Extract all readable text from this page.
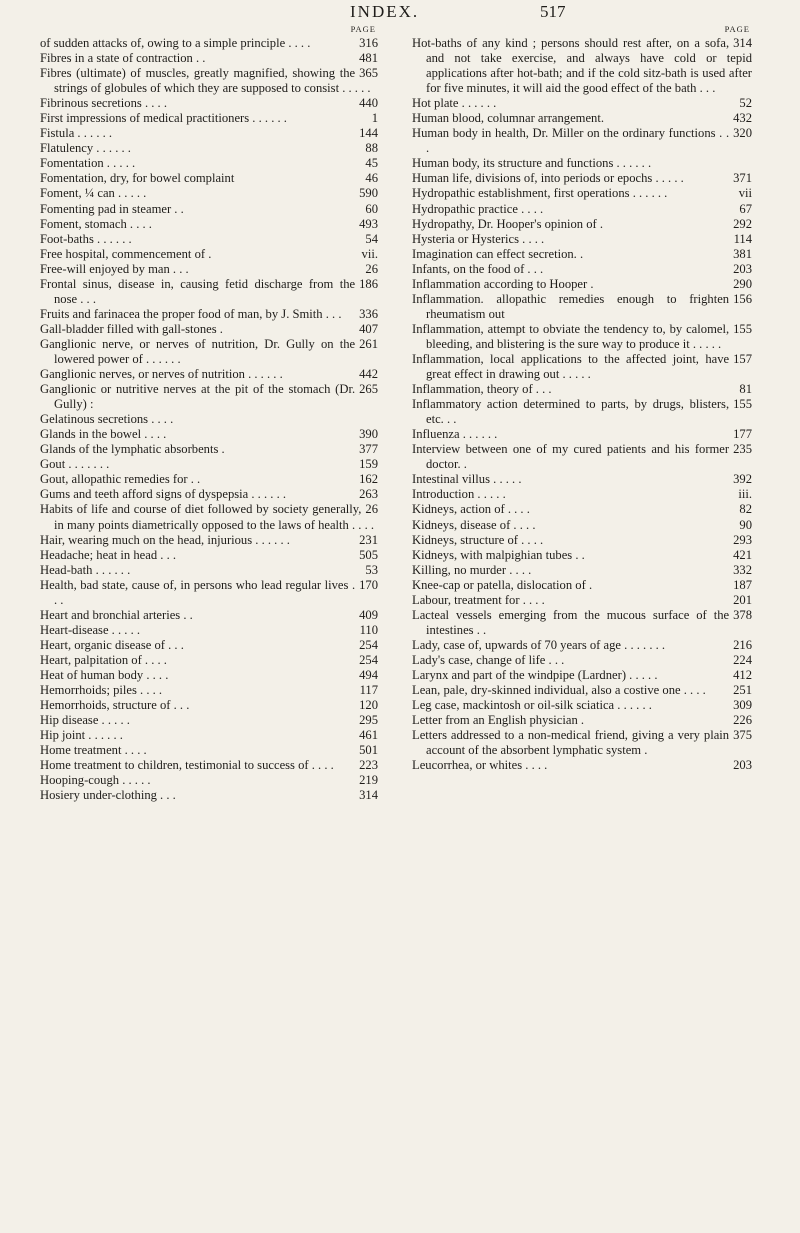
INDEX.	517
PAGE
316
of sudden attacks of, owing to a simple principle . . . .
481
Fibres in a state of contraction . .
365
Fibres (ultimate) of muscles, greatly magnified, showing the strings of globules of which they are supposed to consist . . . . .
440
Fibrinous secretions . . . .
1
First impressions of medical practitioners . . . . . .
144
Fistula . . . . . .
88
Flatulency . . . . . .
45
Fomentation . . . . .
46
Fomentation, dry, for bowel complaint
590
Foment, ¼ can . . . . .
60
Fomenting pad in steamer . .
493
Foment, stomach . . . .
54
Foot-baths . . . . . .
vii.
Free hospital, commencement of .
26
Free-will enjoyed by man . . .
186
Frontal sinus, disease in, causing fetid discharge from the nose . . .
336
Fruits and farinacea the proper food of man, by J. Smith . . .
407
Gall-bladder filled with gall-stones .
261
Ganglionic nerve, or nerves of nutrition, Dr. Gully on the lowered power of . . . . . .
442
Ganglionic nerves, or nerves of nutrition . . . . . .
265
Ganglionic or nutritive nerves at the pit of the stomach (Dr. Gully) :
Gelatinous secretions . . . .
390
Glands in the bowel . . . .
377
Glands of the lymphatic absorbents .
159
Gout . . . . . . .
162
Gout, allopathic remedies for . .
263
Gums and teeth afford signs of dyspepsia . . . . . .
26
Habits of life and course of diet followed by society generally, in many points diametrically opposed to the laws of health . . . .
231
Hair, wearing much on the head, injurious . . . . . .
505
Headache; heat in head . . .
53
Head-bath . . . . . .
170
Health, bad state, cause of, in persons who lead regular lives . . .
409
Heart and bronchial arteries . .
110
Heart-disease . . . . .
254
Heart, organic disease of . . .
254
Heart, palpitation of . . . .
494
Heat of human body . . . .
117
Hemorrhoids; piles . . . .
120
Hemorrhoids, structure of . . .
295
Hip disease . . . . .
461
Hip joint . . . . . .
501
Home treatment . . . .
223
Home treatment to children, testimonial to success of . . . .
219
Hooping-cough . . . . .
314
Hosiery under-clothing . . .
PAGE
314
Hot-baths of any kind ; persons should rest after, on a sofa, and not take exercise, and always have cold or tepid applications after hot-bath; and if the cold sitz-bath is used after for five minutes, it will aid the good effect of the bath . . .
52
Hot plate . . . . . .
432
Human blood, columnar arrangement.
320
Human body in health, Dr. Miller on the ordinary functions . . .
Human body, its structure and functions . . . . . .
371
Human life, divisions of, into periods or epochs . . . . .
vii
Hydropathic establishment, first operations . . . . . .
67
Hydropathic practice . . . .
292
Hydropathy, Dr. Hooper's opinion of .
114
Hysteria or Hysterics . . . .
381
Imagination can effect secretion. .
203
Infants, on the food of . . .
290
Inflammation according to Hooper .
156
Inflammation. allopathic remedies enough to frighten rheumatism out
155
Inflammation, attempt to obviate the tendency to, by calomel, bleeding, and blistering is the sure way to produce it . . . . .
157
Inflammation, local applications to the affected joint, have great effect in drawing out . . . . .
81
Inflammation, theory of . . .
155
Inflammatory action determined to parts, by drugs, blisters, etc. . .
177
Influenza . . . . . .
235
Interview between one of my cured patients and his former doctor. .
392
Intestinal villus . . . . .
iii.
Introduction . . . . .
82
Kidneys, action of . . . .
90
Kidneys, disease of . . . .
293
Kidneys, structure of . . . .
421
Kidneys, with malpighian tubes . .
332
Killing, no murder . . . .
187
Knee-cap or patella, dislocation of .
201
Labour, treatment for . . . .
378
Lacteal vessels emerging from the mucous surface of the intestines . .
216
Lady, case of, upwards of 70 years of age . . . . . . .
224
Lady's case, change of life . . .
412
Larynx and part of the windpipe (Lardner) . . . . .
251
Lean, pale, dry-skinned individual, also a costive one . . . .
309
Leg case, mackintosh or oil-silk sciatica . . . . . .
226
Letter from an English physician .
375
Letters addressed to a non-medical friend, giving a very plain account of the absorbent lymphatic system .
203
Leucorrhea, or whites . . . .
